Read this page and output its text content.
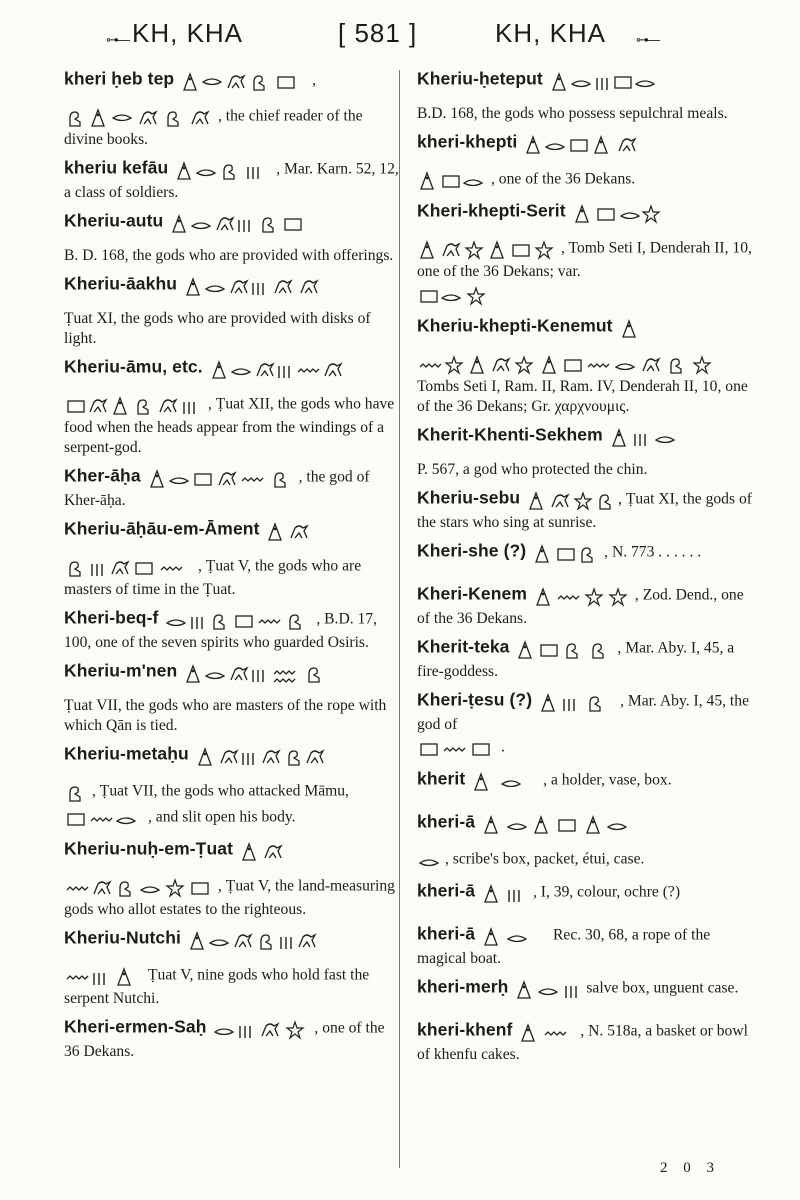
⊶— KH, KHA	[ 581 ]	KH, KHA ⊶—

kheri ḥeb tep	,

, the chief reader of the divine books.

kheriu kefāu	, Mar. Karn. 52, 12, a class of soldiers.

Kheriu-autu

B. D. 168, the gods who are provided with offerings.

Kheriu-āakhu

Ṭuat XI, the gods who are provided with disks of light.

Kheriu-āmu, etc.

, Ṭuat XII, the gods who have food when the heads appear from the windings of a serpent-god.

Kher-āḥa	, the god of Kher-āḥa.

Kheriu-āḥāu-em-Āment

, Ṭuat V, the gods who are masters of time in the Ṭuat.

Kheri-beq-f	, B.D. 17, 100, one of the seven spirits who guarded Osiris.

Kheriu-m'nen

Ṭuat VII, the gods who are masters of the rope with which Qān is tied.

Kheriu-metaḥu

, Ṭuat VII, the gods who attacked Māmu,

, and slit open his body.

Kheriu-nuḥ-em-Ṭuat

, Ṭuat V, the land-measuring gods who allot estates to the righteous.

Kheriu-Nutchi

Ṭuat V, nine gods who hold fast the serpent Nutchi.

Kheri-ermen-Saḥ	, one of the 36 Dekans.

Kheriu-ḥeteput

B.D. 168, the gods who possess sepulchral meals.

kheri-khepti

, one of the 36 Dekans.

Kheri-khepti-Serit

, Tomb Seti I, Denderah II, 10, one of the 36 Dekans; var.

Kheriu-khepti-Kenemut

Tombs Seti I, Ram. II, Ram. IV, Denderah II, 10, one of the 36 Dekans; Gr. χαρχνουμις.

Kherit-Khenti-Sekhem

P. 567, a god who protected the chin.

Kheriu-sebu	, Ṭuat XI, the gods of the stars who sing at sunrise.

Kheri-she (?)	, N. 773 . . . . . .

Kheri-Kenem	, Zod. Dend., one of the 36 Dekans.

Kherit-teka	, Mar. Aby. I, 45, a fire-goddess.

Kheri-ṭesu (?)	, Mar. Aby. I, 45, the god of

.

kherit	, a holder, vase, box.

kheri-ā

, scribe's box, packet, étui, case.

kheri-ā	, I, 39, colour, ochre (?)

kheri-ā	Rec. 30, 68, a rope of the magical boat.

kheri-merḥ	salve box, unguent case.

kheri-khenf	, N. 518a, a basket or bowl of khenfu cakes.

2 0 3
